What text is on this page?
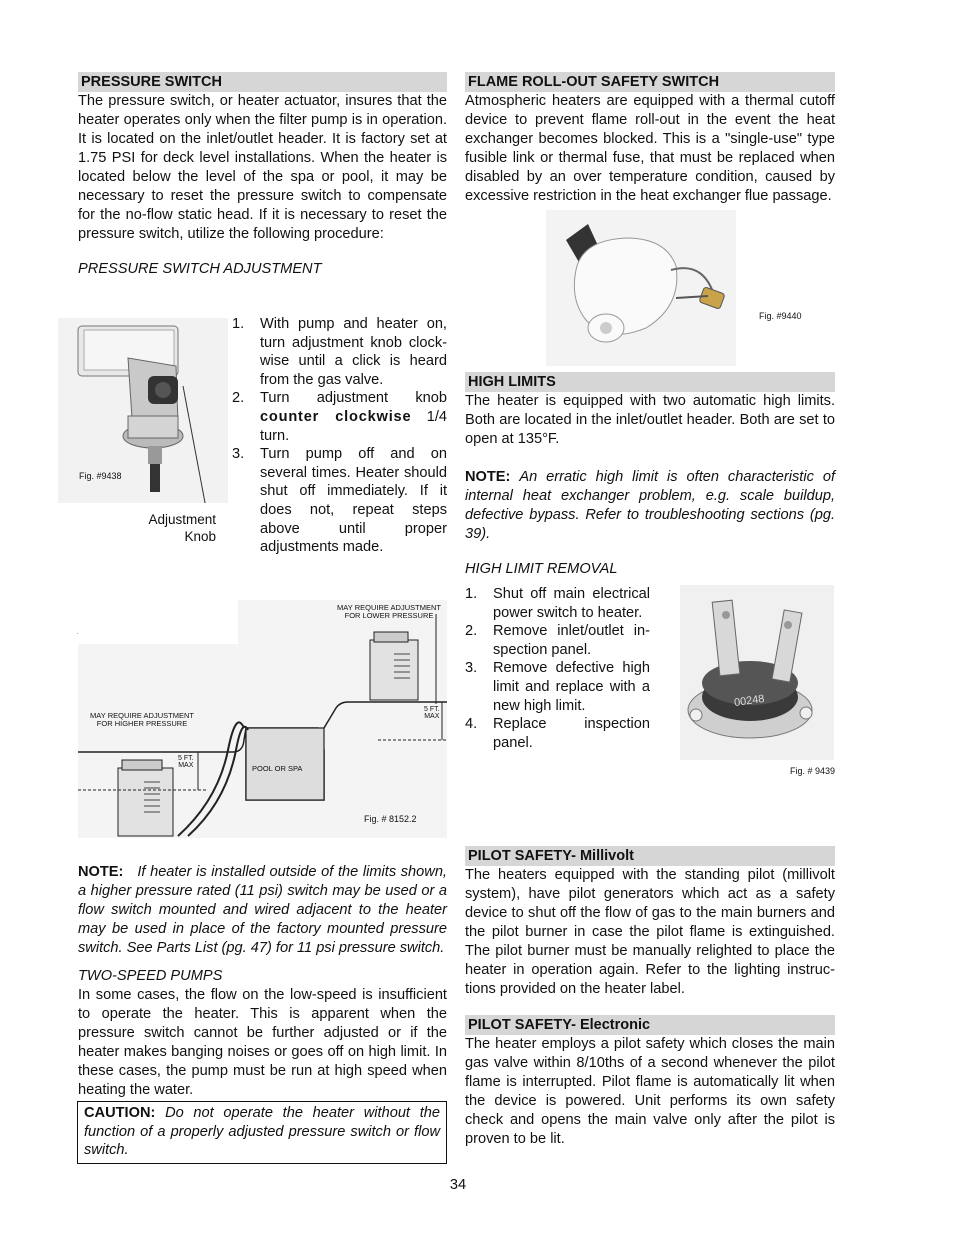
PRESSURE SWITCH
The pressure switch, or heater actuator, insures that the heater operates only when the filter pump is in operation. It is located on the inlet/outlet header. It is factory set at 1.75 PSI for deck level installations. When the heater is located below the level of the spa or pool, it may be necessary to reset the pressure switch to compensate for the no-flow static head. If it is necessary to reset the pressure switch, utilize the following procedure:
PRESSURE SWITCH ADJUSTMENT
Fig. #9438
Adjustment
Knob
1.	With pump and heater on, turn adjustment knob clock-wise until a click is heard from the gas valve.
2.	Turn adjustment knob counter clockwise 1/4 turn.
3.	Turn pump off and on several times. Heater should shut off immediately. If it does not, repeat steps above until proper adjustments made.
MAY REQUIRE ADJUSTMENT
FOR LOWER PRESSURE
MAY REQUIRE ADJUSTMENT
FOR HIGHER PRESSURE
5 FT.
MAX
5 FT.
MAX	POOL OR SPA
Fig. # 8152.2
NOTE: If heater is installed outside of the limits shown, a higher pressure rated (11 psi) switch may be used or a flow switch mounted and wired adjacent to the heater may be used in place of the factory mounted pressure switch. See Parts List (pg. 47) for 11 psi pressure switch.
TWO-SPEED PUMPS
In some cases, the flow on the low-speed is insufficient to operate the heater. This is apparent when the pressure switch cannot be further adjusted or if the heater makes banging noises or goes off on high limit. In these cases, the pump must be run at high speed when heating the water.
CAUTION: Do not operate the heater without the function of a properly adjusted pressure switch or flow switch.
FLAME ROLL-OUT SAFETY SWITCH
Atmospheric heaters are equipped with a thermal cutoff device to prevent flame roll-out in the event the heat exchanger becomes blocked. This is a "single-use" type fusible link or thermal fuse, that must be replaced when disabled by an over temperature condition, caused by excessive restriction in the heat exchanger flue passage.
Fig. #9440
HIGH LIMITS
The heater is equipped with two automatic high limits. Both are located in the inlet/outlet header. Both are set to open at 135°F.
NOTE: An erratic high limit is often characteristic of internal heat exchanger problem, e.g. scale buildup, defective bypass. Refer to troubleshooting sections (pg. 39).
HIGH LIMIT REMOVAL
1.	Shut off main electrical power switch to heater.
2.	Remove inlet/outlet in-spection panel.
3.	Remove defective high limit and replace with a new high limit.
4.	Replace inspection panel.
00248
Fig. # 9439
PILOT SAFETY- Millivolt
The heaters equipped with the standing pilot (millivolt system), have pilot generators which act as a safety device to shut off the flow of gas to the main burners and the pilot burner in case the pilot flame is extinguished. The pilot burner must be manually relighted to place the heater in operation again. Refer to the lighting instruc-tions provided on the heater label.
PILOT SAFETY- Electronic
The heater employs a pilot safety which closes the main gas valve within 8/10ths of a second whenever the pilot flame is interrupted. Pilot flame is automatically lit when the device is powered. Unit performs its own safety check and opens the main valve only after the pilot is proven to be lit.
34
